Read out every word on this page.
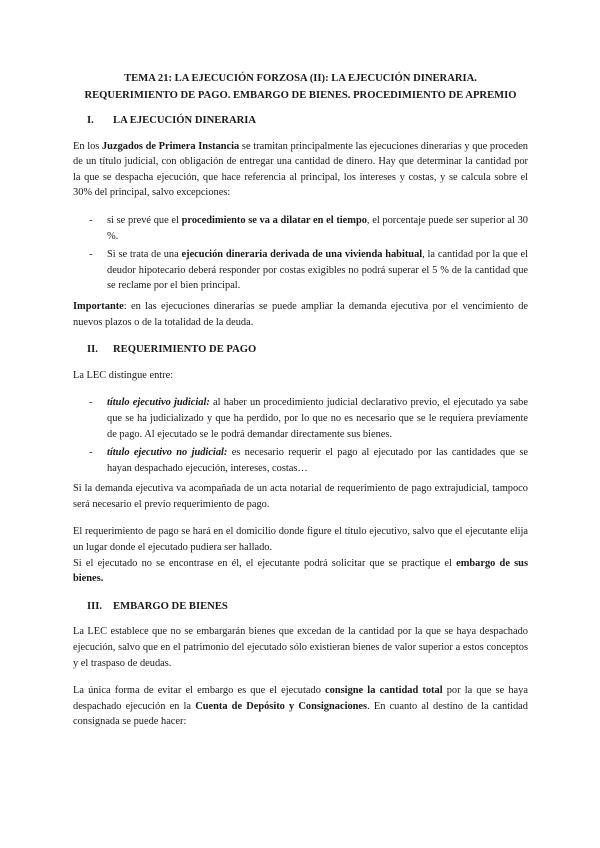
TEMA 21: LA EJECUCIÓN FORZOSA (II): LA EJECUCIÓN DINERARIA.
REQUERIMIENTO DE PAGO. EMBARGO DE BIENES. PROCEDIMIENTO DE APREMIO
I.	LA EJECUCIÓN DINERARIA

En los Juzgados de Primera Instancia se tramitan principalmente las ejecuciones dinerarias y que proceden de un título judicial, con obligación de entregar una cantidad de dinero. Hay que determinar la cantidad por la que se despacha ejecución, que hace referencia al principal, los intereses y costas, y se calcula sobre el 30% del principal, salvo excepciones:

- si se prevé que el procedimiento se va a dilatar en el tiempo, el porcentaje puede ser superior al 30 %.
- Si se trata de una ejecución dineraria derivada de una vivienda habitual, la cantidad por la que el deudor hipotecario deberá responder por costas exigibles no podrá superar el 5 % de la cantidad que se reclame por el bien principal.

Importante: en las ejecuciones dinerarias se puede ampliar la demanda ejecutiva por el vencimiento de nuevos plazos o de la totalidad de la deuda.

II.	REQUERIMIENTO DE PAGO

La LEC distingue entre:

- título ejecutivo judicial: al haber un procedimiento judicial declarativo previo, el ejecutado ya sabe que se ha judicializado y que ha perdido, por lo que no es necesario que se le requiera previamente de pago. Al ejecutado se le podrá demandar directamente sus bienes.
- título ejecutivo no judicial: es necesario requerir el pago al ejecutado por las cantidades que se hayan despachado ejecución, intereses, costas…

Si la demanda ejecutiva va acompañada de un acta notarial de requerimiento de pago extrajudicial, tampoco será necesario el previo requerimiento de pago.

El requerimiento de pago se hará en el domicilio donde figure el título ejecutivo, salvo que el ejecutante elija un lugar donde el ejecutado pudiera ser hallado.

Si el ejecutado no se encontrase en él, el ejecutante podrá solicitar que se practique el embargo de sus bienes.

III.	EMBARGO DE BIENES

La LEC establece que no se embargarán bienes que excedan de la cantidad por la que se haya despachado ejecución, salvo que en el patrimonio del ejecutado sólo existieran bienes de valor superior a estos conceptos y el traspaso de deudas.

La única forma de evitar el embargo es que el ejecutado consigne la cantidad total por la que se haya despachado ejecución en la Cuenta de Depósito y Consignaciones. En cuanto al destino de la cantidad consignada se puede hacer:
